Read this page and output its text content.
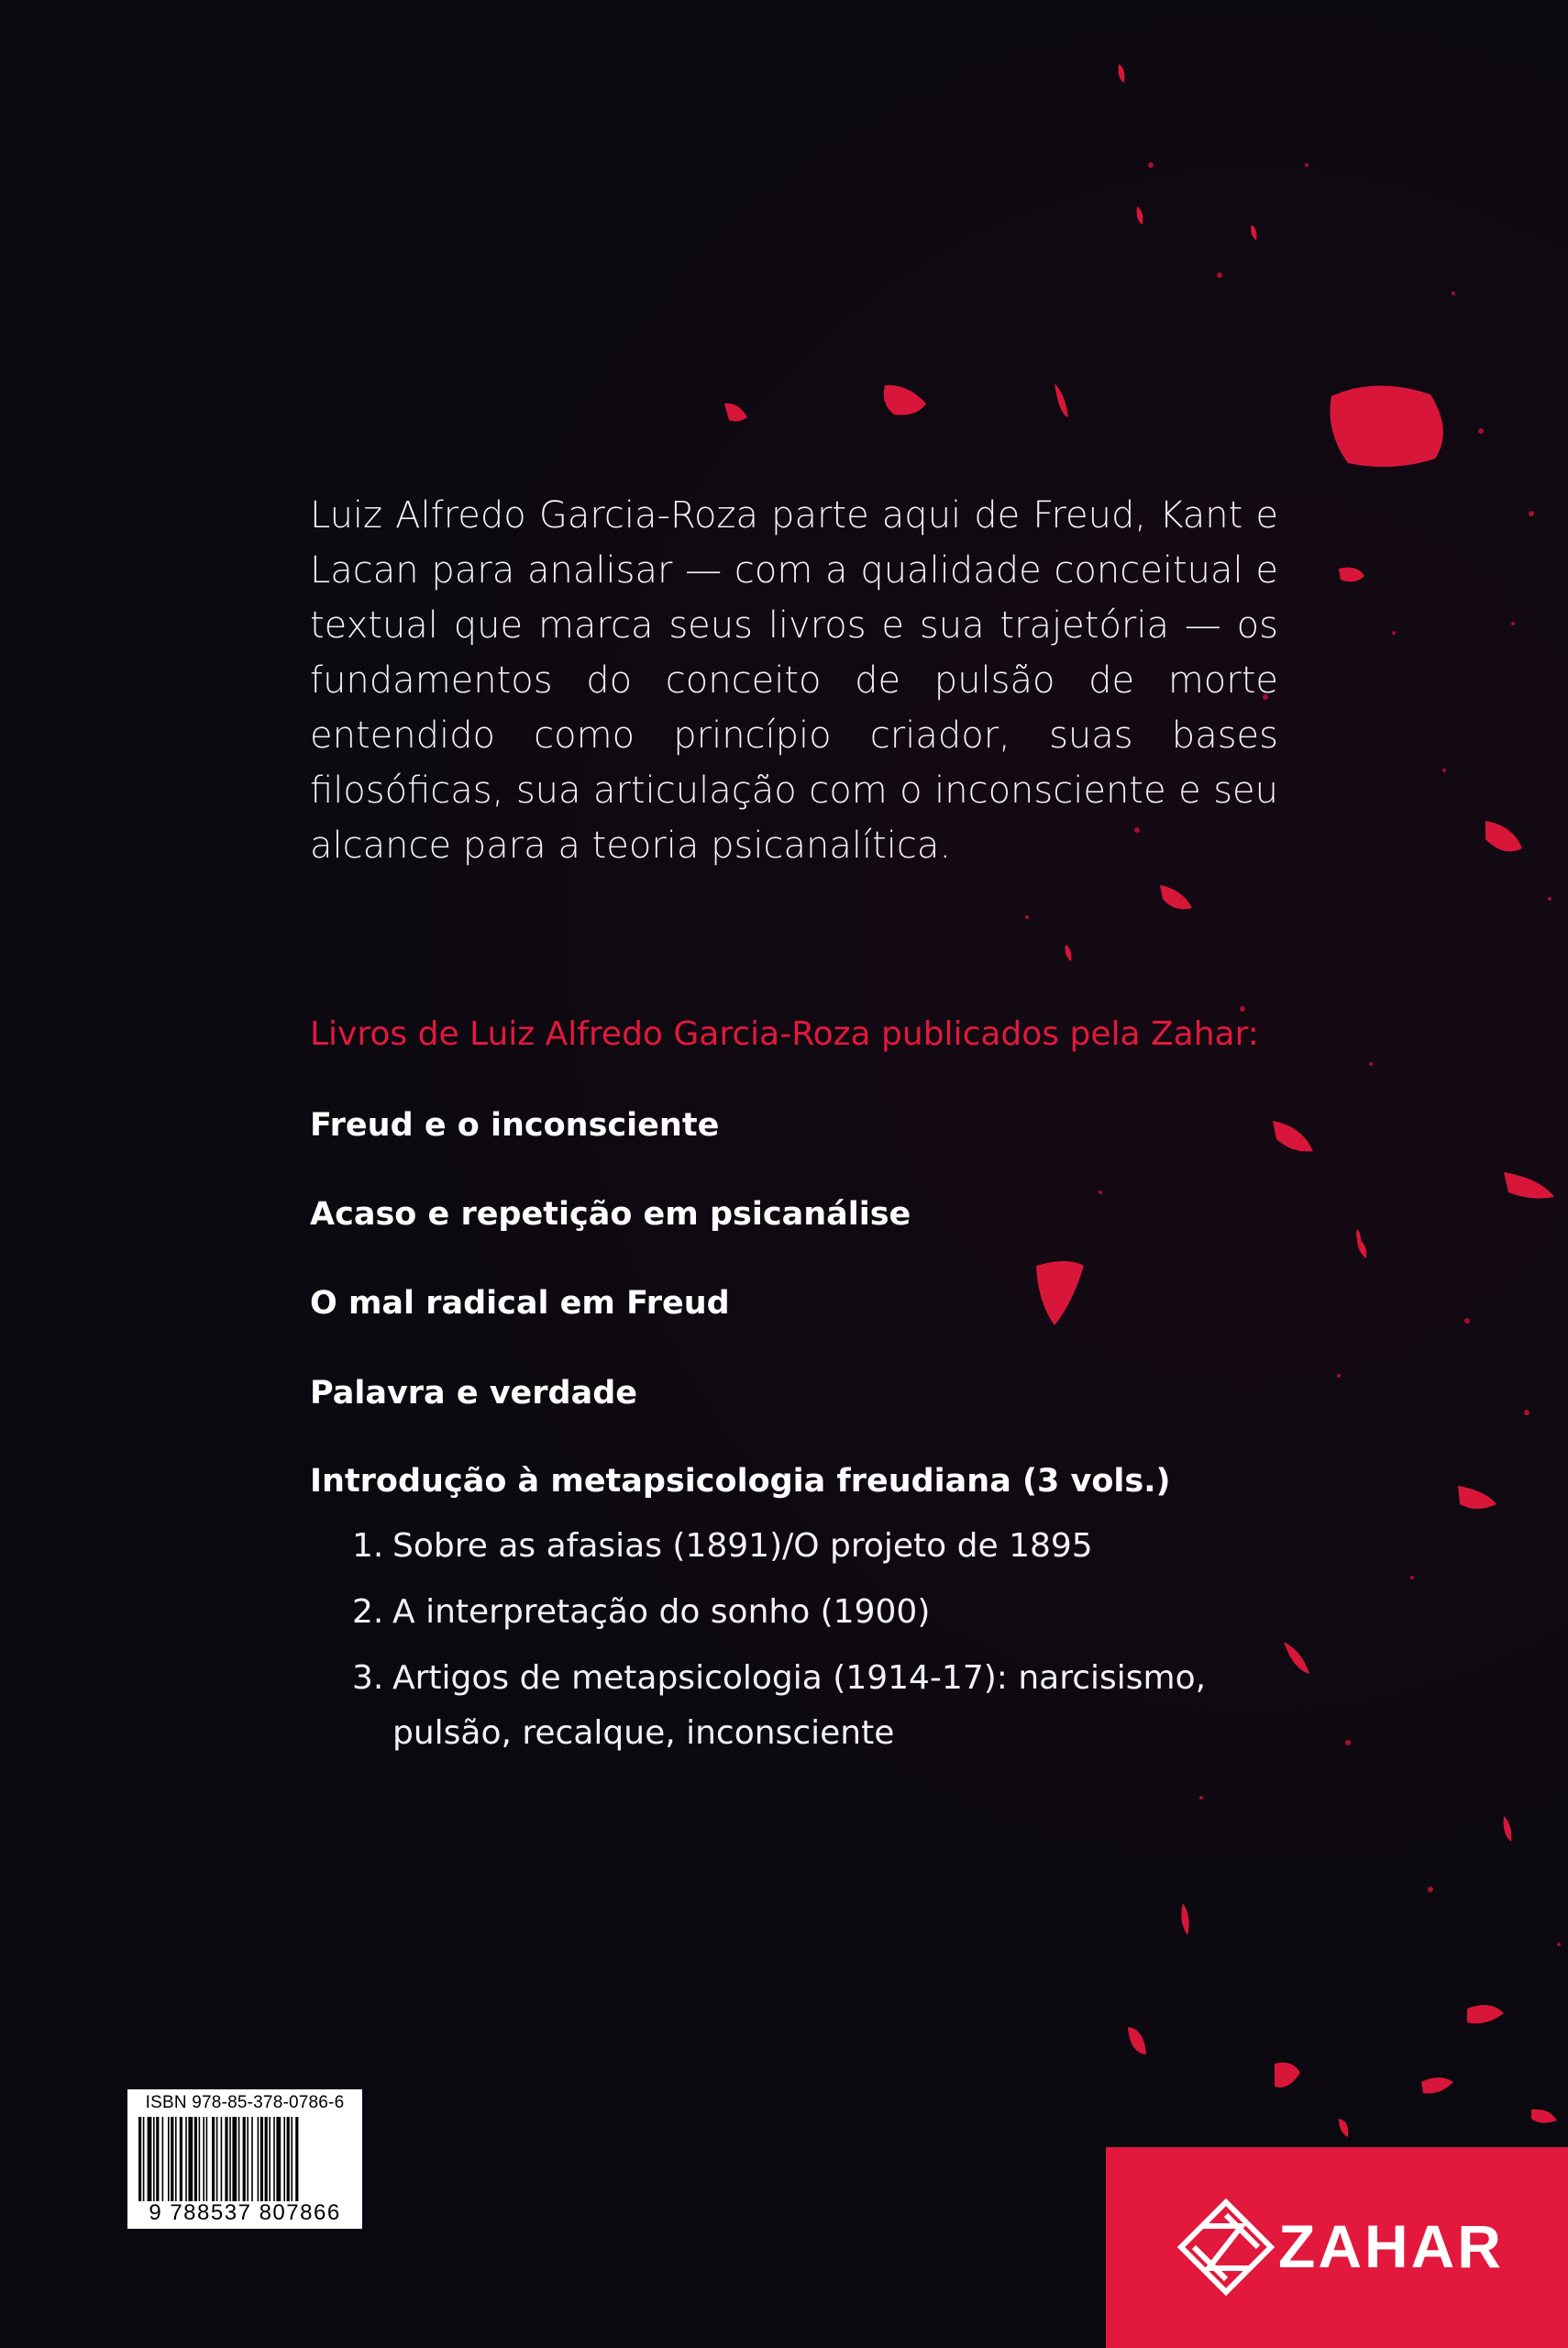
Luiz Alfredo Garcia-Roza parte aqui de Freud, Kant e Lacan para analisar — com a qualidade conceitual e textual que marca seus livros e sua trajetória — os fundamentos do conceito de pulsão de morte entendido como princípio criador, suas bases filosóficas, sua articulação com o inconsciente e seu alcance para a teoria psicanalítica.

Livros de Luiz Alfredo Garcia-Roza publicados pela Zahar:

Freud e o inconsciente

Acaso e repetição em psicanálise

O mal radical em Freud

Palavra e verdade

Introdução à metapsicologia freudiana (3 vols.)

1. Sobre as afasias (1891)/O projeto de 1895
2. A interpretação do sonho (1900)
3. Artigos de metapsicologia (1914-17): narcisismo, pulsão, recalque, inconsciente
ISBN 978-85-378-0786-6
9 788537 807866	ZAHAR
